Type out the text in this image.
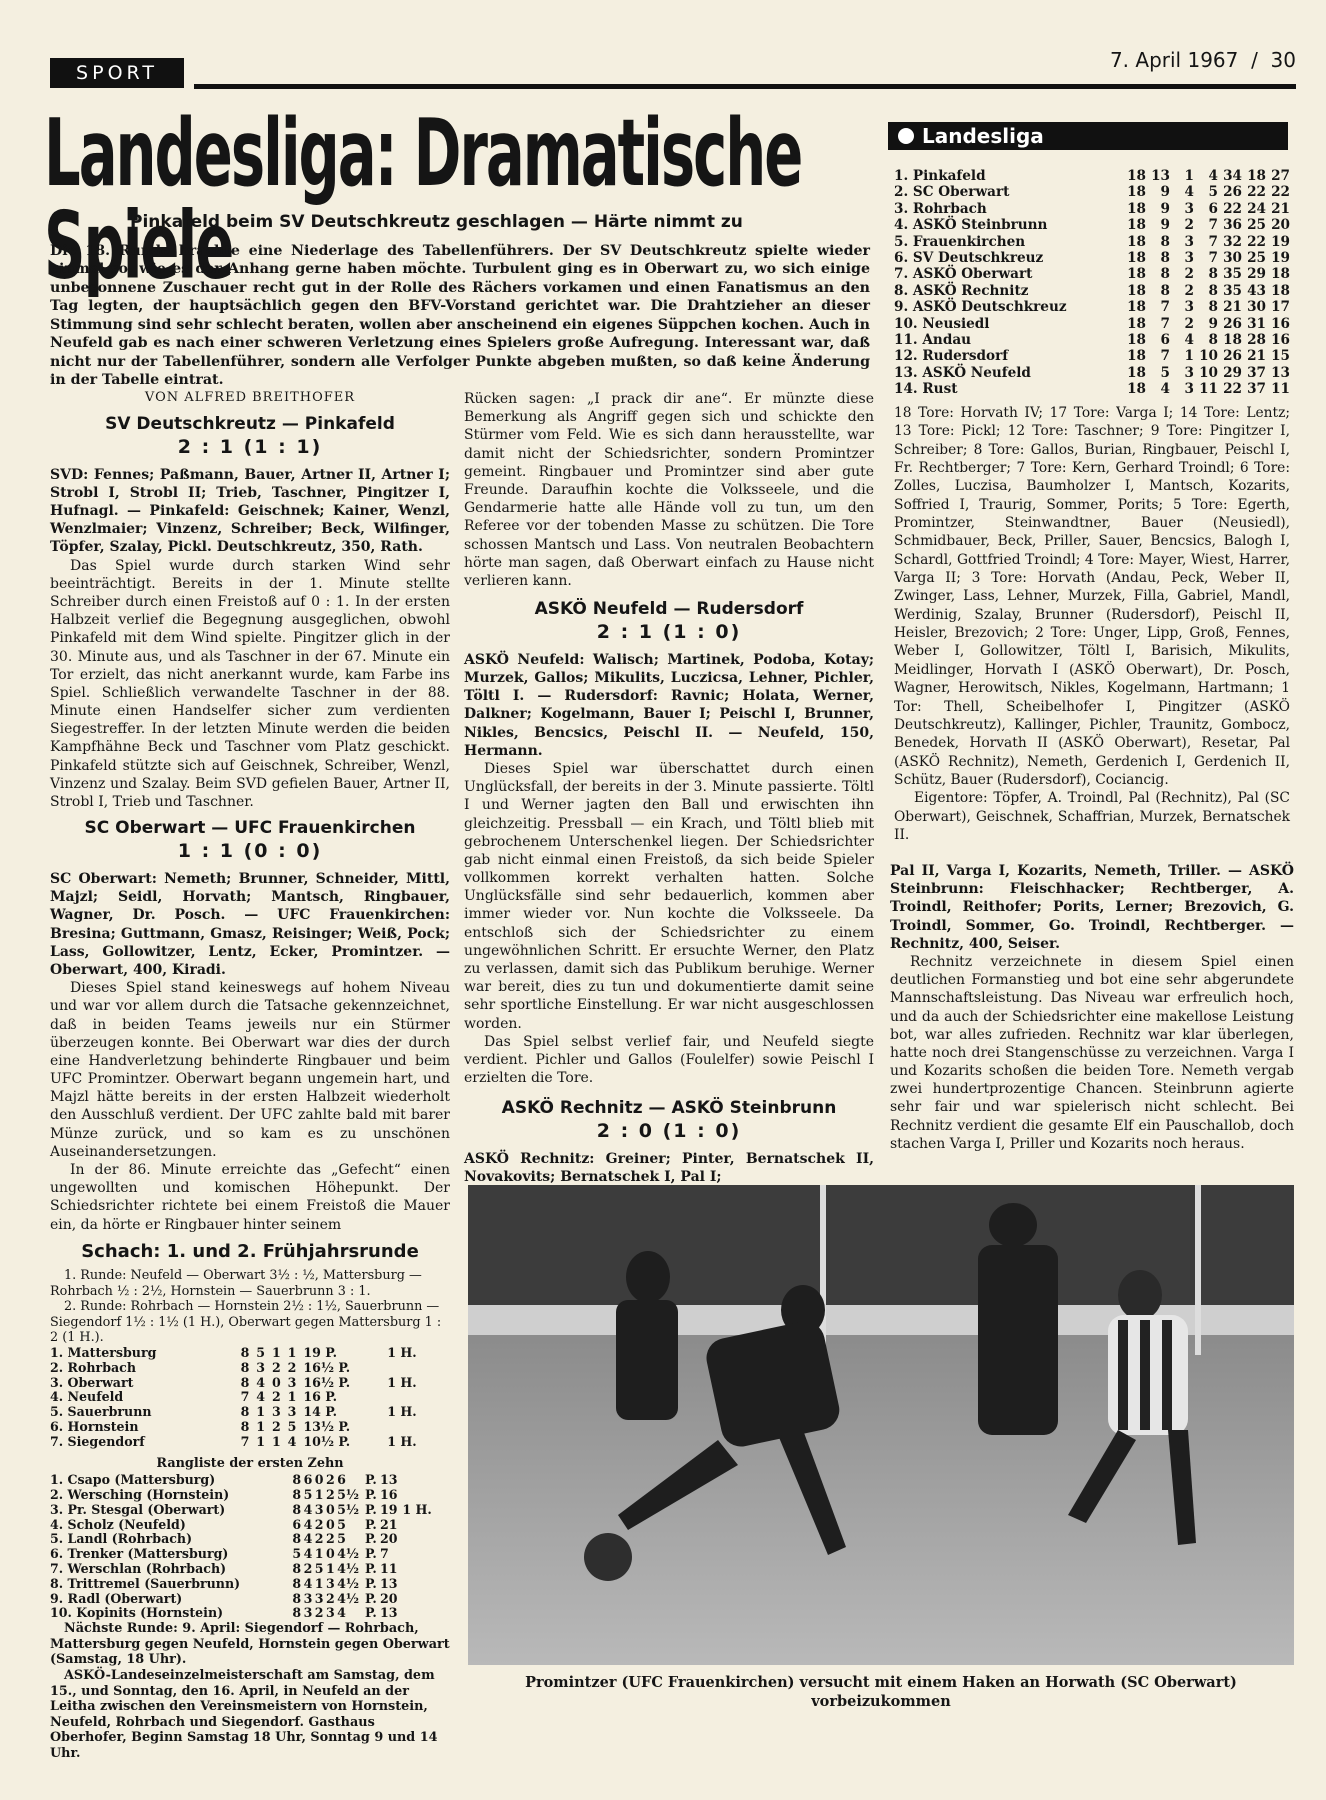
SPORT
7. April 1967  /  30
Landesliga: Dramatische Spiele
Pinkafeld beim SV Deutschkreutz geschlagen — Härte nimmt zu
Die 18. Runde brachte eine Niederlage des Tabellenführers. Der SV Deutschkreutz spielte wieder einmal so, wie es der Anhang gerne haben möchte. Turbulent ging es in Oberwart zu, wo sich einige unbesonnene Zuschauer recht gut in der Rolle des Rächers vorkamen und einen Fanatismus an den Tag legten, der hauptsächlich gegen den BFV-Vorstand gerichtet war. Die Drahtzieher an dieser Stimmung sind sehr schlecht beraten, wollen aber anscheinend ein eigenes Süppchen kochen. Auch in Neufeld gab es nach einer schweren Verletzung eines Spielers große Aufregung. Interessant war, daß nicht nur der Tabellenführer, sondern alle Verfolger Punkte abgeben mußten, so daß keine Änderung in der Tabelle eintrat.
VON ALFRED BREITHOFER
SV Deutschkreutz — Pinkafeld
2 : 1 (1 : 1)

SVD: Fennes; Paßmann, Bauer, Artner II, Artner I; Strobl I, Strobl II; Trieb, Taschner, Pingitzer I, Hufnagl. — Pinkafeld: Geischnek; Kainer, Wenzl, Wenzlmaier; Vinzenz, Schreiber; Beck, Wilfinger, Töpfer, Szalay, Pickl. Deutschkreutz, 350, Rath.

Das Spiel wurde durch starken Wind sehr beeinträchtigt. Bereits in der 1. Minute stellte Schreiber durch einen Freistoß auf 0 : 1. In der ersten Halbzeit verlief die Begegnung ausgeglichen, obwohl Pinkafeld mit dem Wind spielte. Pingitzer glich in der 30. Minute aus, und als Taschner in der 67. Minute ein Tor erzielt, das nicht anerkannt wurde, kam Farbe ins Spiel. Schließlich verwandelte Taschner in der 88. Minute einen Handselfer sicher zum verdienten Siegestreffer. In der letzten Minute werden die beiden Kampfhähne Beck und Taschner vom Platz geschickt. Pinkafeld stützte sich auf Geischnek, Schreiber, Wenzl, Vinzenz und Szalay. Beim SVD gefielen Bauer, Artner II, Strobl I, Trieb und Taschner.

SC Oberwart — UFC Frauenkirchen
1 : 1 (0 : 0)

SC Oberwart: Nemeth; Brunner, Schneider, Mittl, Majzl; Seidl, Horvath; Mantsch, Ringbauer, Wagner, Dr. Posch. — UFC Frauenkirchen: Bresina; Guttmann, Gmasz, Reisinger; Weiß, Pock; Lass, Gollowitzer, Lentz, Ecker, Promintzer. — Oberwart, 400, Kiradi.

Dieses Spiel stand keineswegs auf hohem Niveau und war vor allem durch die Tatsache gekennzeichnet, daß in beiden Teams jeweils nur ein Stürmer überzeugen konnte. Bei Oberwart war dies der durch eine Handverletzung behinderte Ringbauer und beim UFC Promintzer. Oberwart begann ungemein hart, und Majzl hätte bereits in der ersten Halbzeit wiederholt den Ausschluß verdient. Der UFC zahlte bald mit barer Münze zurück, und so kam es zu unschönen Auseinandersetzungen.

In der 86. Minute erreichte das „Gefecht“ einen ungewollten und komischen Höhepunkt. Der Schiedsrichter richtete bei einem Freistoß die Mauer ein, da hörte er Ringbauer hinter seinem

Rücken sagen: „I prack dir ane“. Er münzte diese Bemerkung als Angriff gegen sich und schickte den Stürmer vom Feld. Wie es sich dann herausstellte, war damit nicht der Schiedsrichter, sondern Promintzer gemeint. Ringbauer und Promintzer sind aber gute Freunde. Daraufhin kochte die Volksseele, und die Gendarmerie hatte alle Hände voll zu tun, um den Referee vor der tobenden Masse zu schützen. Die Tore schossen Mantsch und Lass. Von neutralen Beobachtern hörte man sagen, daß Oberwart einfach zu Hause nicht verlieren kann.

ASKÖ Neufeld — Rudersdorf
2 : 1 (1 : 0)

ASKÖ Neufeld: Walisch; Martinek, Podoba, Kotay; Murzek, Gallos; Mikulits, Luczicsa, Lehner, Pichler, Töltl I. — Rudersdorf: Ravnic; Holata, Werner, Dalkner; Kogelmann, Bauer I; Peischl I, Brunner, Nikles, Bencsics, Peischl II. — Neufeld, 150, Hermann.

Dieses Spiel war überschattet durch einen Unglücksfall, der bereits in der 3. Minute passierte. Töltl I und Werner jagten den Ball und erwischten ihn gleichzeitig. Pressball — ein Krach, und Töltl blieb mit gebrochenem Unterschenkel liegen. Der Schiedsrichter gab nicht einmal einen Freistoß, da sich beide Spieler vollkommen korrekt verhalten hatten. Solche Unglücksfälle sind sehr bedauerlich, kommen aber immer wieder vor. Nun kochte die Volksseele. Da entschloß sich der Schiedsrichter zu einem ungewöhnlichen Schritt. Er ersuchte Werner, den Platz zu verlassen, damit sich das Publikum beruhige. Werner war bereit, dies zu tun und dokumentierte damit seine sehr sportliche Einstellung. Er war nicht ausgeschlossen worden.

Das Spiel selbst verlief fair, und Neufeld siegte verdient. Pichler und Gallos (Foulelfer) sowie Peischl I erzielten die Tore.

ASKÖ Rechnitz — ASKÖ Steinbrunn
2 : 0 (1 : 0)

ASKÖ Rechnitz: Greiner; Pinter, Bernatschek II, Novakovits; Bernatschek I, Pal I;

Landesliga
1. Pinkafeld	18	13	1	4	34	18	27
2. SC Oberwart	18	9	4	5	26	22	22
3. Rohrbach	18	9	3	6	22	24	21
4. ASKÖ Steinbrunn	18	9	2	7	36	25	20
5. Frauenkirchen	18	8	3	7	32	22	19
6. SV Deutschkreuz	18	8	3	7	30	25	19
7. ASKÖ Oberwart	18	8	2	8	35	29	18
8. ASKÖ Rechnitz	18	8	2	8	35	43	18
9. ASKÖ Deutschkreuz	18	7	3	8	21	30	17
10. Neusiedl	18	7	2	9	26	31	16
11. Andau	18	6	4	8	18	28	16
12. Rudersdorf	18	7	1	10	26	21	15
13. ASKÖ Neufeld	18	5	3	10	29	37	13
14. Rust	18	4	3	11	22	37	11
18 Tore: Horvath IV; 17 Tore: Varga I; 14 Tore: Lentz; 13 Tore: Pickl; 12 Tore: Taschner; 9 Tore: Pingitzer I, Schreiber; 8 Tore: Gallos, Burian, Ringbauer, Peischl I, Fr. Rechtberger; 7 Tore: Kern, Gerhard Troindl; 6 Tore: Zolles, Luczisa, Baumholzer I, Mantsch, Kozarits, Soffried I, Traurig, Sommer, Porits; 5 Tore: Egerth, Promintzer, Steinwandtner, Bauer (Neusiedl), Schmidbauer, Beck, Priller, Sauer, Bencsics, Balogh I, Schardl, Gottfried Troindl; 4 Tore: Mayer, Wiest, Harrer, Varga II; 3 Tore: Horvath (Andau, Peck, Weber II, Zwinger, Lass, Lehner, Murzek, Filla, Gabriel, Mandl, Werdinig, Szalay, Brunner (Rudersdorf), Peischl II, Heisler, Brezovich; 2 Tore: Unger, Lipp, Groß, Fennes, Weber I, Gollowitzer, Töltl I, Barisich, Mikulits, Meidlinger, Horvath I (ASKÖ Oberwart), Dr. Posch, Wagner, Herowitsch, Nikles, Kogelmann, Hartmann; 1 Tor: Thell, Scheibelhofer I, Pingitzer (ASKÖ Deutschkreutz), Kallinger, Pichler, Traunitz, Gombocz, Benedek, Horvath II (ASKÖ Oberwart), Resetar, Pal (ASKÖ Rechnitz), Nemeth, Gerdenich I, Gerdenich II, Schütz, Bauer (Rudersdorf), Cociancig.

Eigentore: Töpfer, A. Troindl, Pal (Rechnitz), Pal (SC Oberwart), Geischnek, Schaffrian, Murzek, Bernatschek II.

Pal II, Varga I, Kozarits, Nemeth, Triller. — ASKÖ Steinbrunn: Fleischhacker; Rechtberger, A. Troindl, Reithofer; Porits, Lerner; Brezovich, G. Troindl, Sommer, Go. Troindl, Rechtberger. — Rechnitz, 400, Seiser.

Rechnitz verzeichnete in diesem Spiel einen deutlichen Formanstieg und bot eine sehr abgerundete Mannschaftsleistung. Das Niveau war erfreulich hoch, und da auch der Schiedsrichter eine makellose Leistung bot, war alles zufrieden. Rechnitz war klar überlegen, hatte noch drei Stangenschüsse zu verzeichnen. Varga I und Kozarits schoßen die beiden Tore. Nemeth vergab zwei hundertprozentige Chancen. Steinbrunn agierte sehr fair und war spielerisch nicht schlecht. Bei Rechnitz verdient die gesamte Elf ein Pauschallob, doch stachen Varga I, Priller und Kozarits noch heraus.

Schach: 1. und 2. Frühjahrsrunde
1. Runde: Neufeld — Oberwart 3½ : ½, Mattersburg — Rohrbach ½ : 2½, Hornstein — Sauerbrunn 3 : 1.
2. Runde: Rohrbach — Hornstein 2½ : 1½, Sauerbrunn — Siegendorf 1½ : 1½ (1 H.), Oberwart gegen Mattersburg 1 : 2 (1 H.).
1. Mattersburg	8	5	1	1	19 P.	1 H.
2. Rohrbach	8	3	2	2	16½ P.	
3. Oberwart	8	4	0	3	16½ P.	1 H.
4. Neufeld	7	4	2	1	16 P.	
5. Sauerbrunn	8	1	3	3	14 P.	1 H.
6. Hornstein	8	1	2	5	13½ P.	
7. Siegendorf	7	1	1	4	10½ P.	1 H.
Rangliste der ersten Zehn
1. Csapo (Mattersburg)	8	6	0	2	6	P.	13	
2. Wersching (Hornstein)	8	5	1	2	5½	P.	16	
3. Pr. Stesgal (Oberwart)	8	4	3	0	5½	P.	19	1 H.
4. Scholz (Neufeld)	6	4	2	0	5	P.	21	
5. Landl (Rohrbach)	8	4	2	2	5	P.	20	
6. Trenker (Mattersburg)	5	4	1	0	4½	P.	7	
7. Werschlan (Rohrbach)	8	2	5	1	4½	P.	11	
8. Trittremel (Sauerbrunn)	8	4	1	3	4½	P.	13	
9. Radl (Oberwart)	8	3	3	2	4½	P.	20	
10. Kopinits (Hornstein)	8	3	2	3	4	P.	13	
Nächste Runde: 9. April: Siegendorf — Rohrbach, Mattersburg gegen Neufeld, Hornstein gegen Oberwart (Samstag, 18 Uhr).
ASKÖ-Landeseinzelmeisterschaft am Samstag, dem 15., und Sonntag, den 16. April, in Neufeld an der Leitha zwischen den Vereinsmeistern von Hornstein, Neufeld, Rohrbach und Siegendorf. Gasthaus Oberhofer, Beginn Samstag 18 Uhr, Sonntag 9 und 14 Uhr.
Promintzer (UFC Frauenkirchen) versucht mit einem Haken an Horwath (SC Oberwart) vorbeizukommen
